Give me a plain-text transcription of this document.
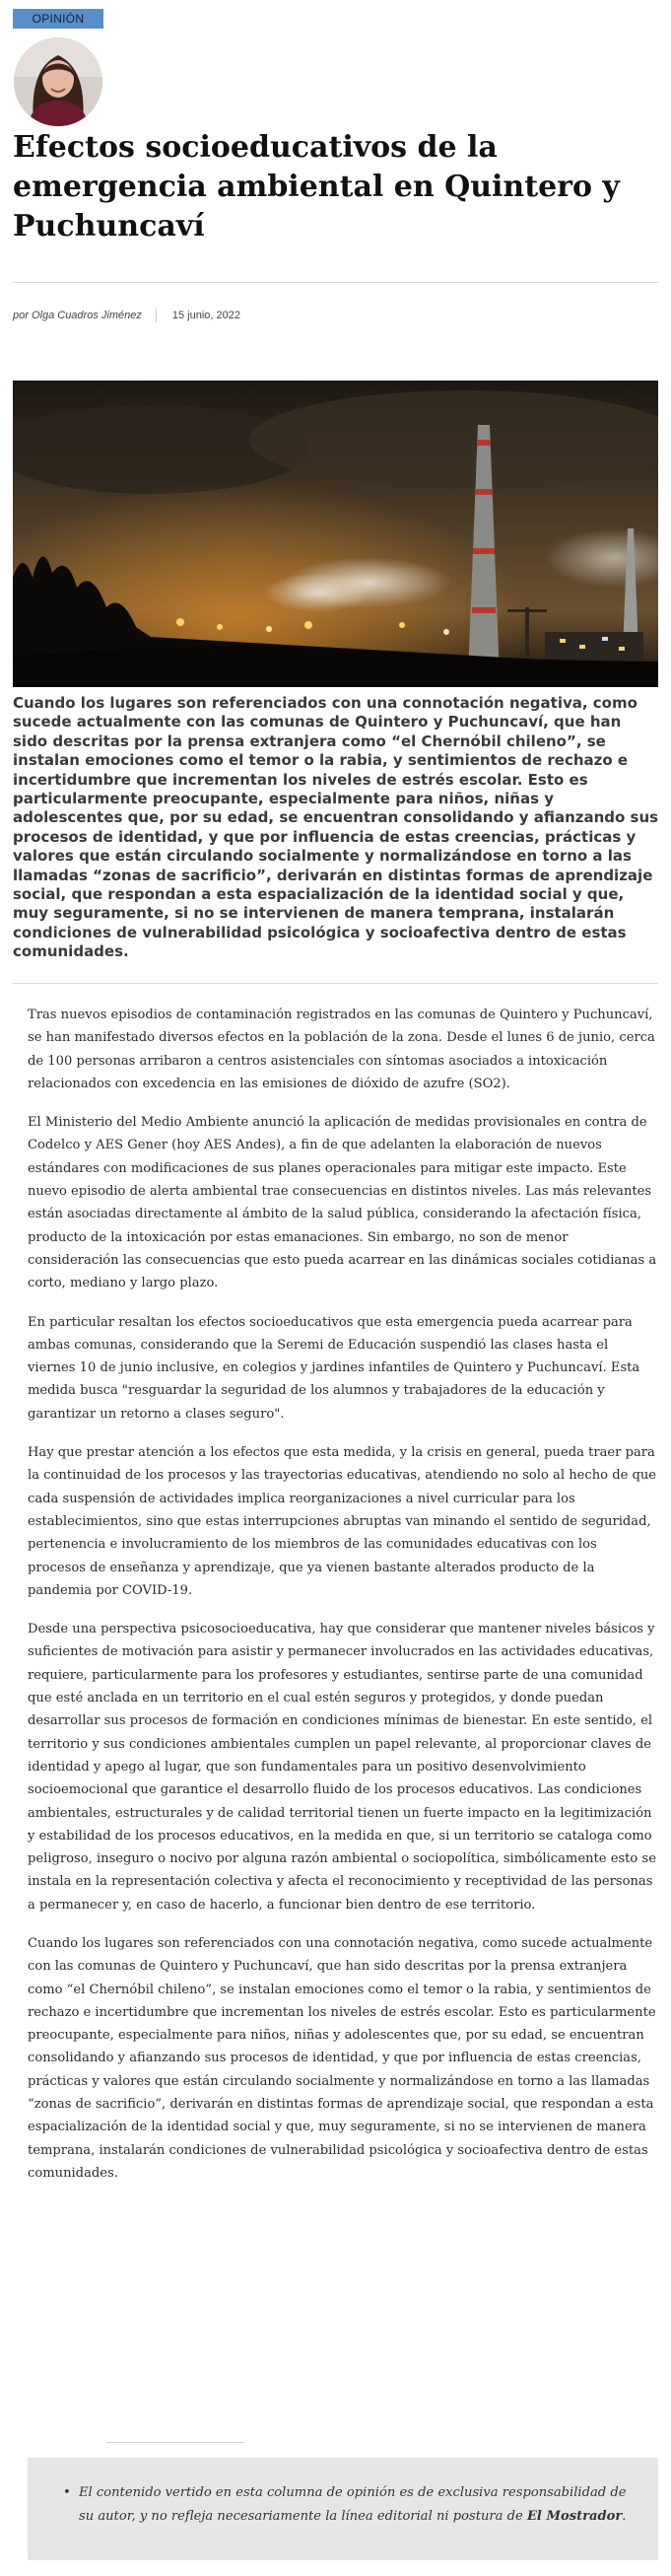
OPINIÓN
Efectos socioeducativos de la emergencia ambiental en Quintero y Puchuncaví
por Olga Cuadros Jiménez	15 junio, 2022

Cuando los lugares son referenciados con una connotación negativa, como sucede actualmente con las comunas de Quintero y Puchuncaví, que han sido descritas por la prensa extranjera como “el Chernóbil chileno”, se instalan emociones como el temor o la rabia, y sentimientos de rechazo e incertidumbre que incrementan los niveles de estrés escolar. Esto es particularmente preocupante, especialmente para niños, niñas y adolescentes que, por su edad, se encuentran consolidando y afianzando sus procesos de identidad, y que por influencia de estas creencias, prácticas y valores que están circulando socialmente y normalizándose en torno a las llamadas “zonas de sacrificio”, derivarán en distintas formas de aprendizaje social, que respondan a esta espacialización de la identidad social y que, muy seguramente, si no se intervienen de manera temprana, instalarán condiciones de vulnerabilidad psicológica y socioafectiva dentro de estas comunidades.

Tras nuevos episodios de contaminación registrados en las comunas de Quintero y Puchuncaví, se han manifestado diversos efectos en la población de la zona. Desde el lunes 6 de junio, cerca de 100 personas arribaron a centros asistenciales con síntomas asociados a intoxicación relacionados con excedencia en las emisiones de dióxido de azufre (SO2).

El Ministerio del Medio Ambiente anunció la aplicación de medidas provisionales en contra de Codelco y AES Gener (hoy AES Andes), a fin de que adelanten la elaboración de nuevos estándares con modificaciones de sus planes operacionales para mitigar este impacto. Este nuevo episodio de alerta ambiental trae consecuencias en distintos niveles. Las más relevantes están asociadas directamente al ámbito de la salud pública, considerando la afectación física, producto de la intoxicación por estas emanaciones. Sin embargo, no son de menor consideración las consecuencias que esto pueda acarrear en las dinámicas sociales cotidianas a corto, mediano y largo plazo.

En particular resaltan los efectos socioeducativos que esta emergencia pueda acarrear para ambas comunas, considerando que la Seremi de Educación suspendió las clases hasta el viernes 10 de junio inclusive, en colegios y jardines infantiles de Quintero y Puchuncaví. Esta medida busca "resguardar la seguridad de los alumnos y trabajadores de la educación y garantizar un retorno a clases seguro".

Hay que prestar atención a los efectos que esta medida, y la crisis en general, pueda traer para la continuidad de los procesos y las trayectorias educativas, atendiendo no solo al hecho de que cada suspensión de actividades implica reorganizaciones a nivel curricular para los establecimientos, sino que estas interrupciones abruptas van minando el sentido de seguridad, pertenencia e involucramiento de los miembros de las comunidades educativas con los procesos de enseñanza y aprendizaje, que ya vienen bastante alterados producto de la pandemia por COVID-19.

Desde una perspectiva psicosocioeducativa, hay que considerar que mantener niveles básicos y suficientes de motivación para asistir y permanecer involucrados en las actividades educativas, requiere, particularmente para los profesores y estudiantes, sentirse parte de una comunidad que esté anclada en un territorio en el cual estén seguros y protegidos, y donde puedan desarrollar sus procesos de formación en condiciones mínimas de bienestar. En este sentido, el territorio y sus condiciones ambientales cumplen un papel relevante, al proporcionar claves de identidad y apego al lugar, que son fundamentales para un positivo desenvolvimiento socioemocional que garantice el desarrollo fluido de los procesos educativos. Las condiciones ambientales, estructurales y de calidad territorial tienen un fuerte impacto en la legitimización y estabilidad de los procesos educativos, en la medida en que, si un territorio se cataloga como peligroso, inseguro o nocivo por alguna razón ambiental o sociopolítica, simbólicamente esto se instala en la representación colectiva y afecta el reconocimiento y receptividad de las personas a permanecer y, en caso de hacerlo, a funcionar bien dentro de ese territorio.

Cuando los lugares son referenciados con una connotación negativa, como sucede actualmente con las comunas de Quintero y Puchuncaví, que han sido descritas por la prensa extranjera como “el Chernóbil chileno”, se instalan emociones como el temor o la rabia, y sentimientos de rechazo e incertidumbre que incrementan los niveles de estrés escolar. Esto es particularmente preocupante, especialmente para niños, niñas y adolescentes que, por su edad, se encuentran consolidando y afianzando sus procesos de identidad, y que por influencia de estas creencias, prácticas y valores que están circulando socialmente y normalizándose en torno a las llamadas “zonas de sacrificio”, derivarán en distintas formas de aprendizaje social, que respondan a esta espacialización de la identidad social y que, muy seguramente, si no se intervienen de manera temprana, instalarán condiciones de vulnerabilidad psicológica y socioafectiva dentro de estas comunidades.

• El contenido vertido en esta columna de opinión es de exclusiva responsabilidad de su autor, y no refleja necesariamente la línea editorial ni postura de El Mostrador.
